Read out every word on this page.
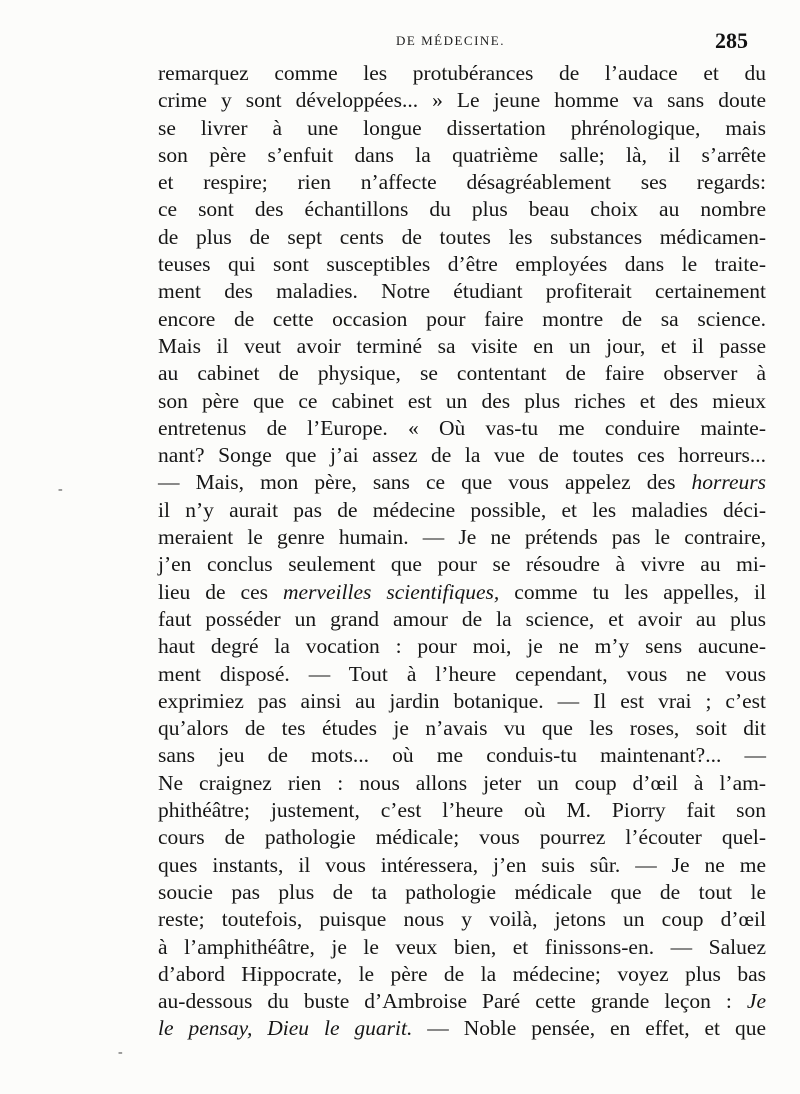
DE MÉDECINE.	285
-
-
remarquez comme les protubérances de l’audace et du
crime y sont développées... » Le jeune homme va sans doute
se livrer à une longue dissertation phrénologique, mais
son père s’enfuit dans la quatrième salle; là, il s’arrête
et respire; rien n’affecte désagréablement ses regards:
ce sont des échantillons du plus beau choix au nombre
de plus de sept cents de toutes les substances médicamen-
teuses qui sont susceptibles d’être employées dans le traite-
ment des maladies. Notre étudiant profiterait certainement
encore de cette occasion pour faire montre de sa science.
Mais il veut avoir terminé sa visite en un jour, et il passe
au cabinet de physique, se contentant de faire observer à
son père que ce cabinet est un des plus riches et des mieux
entretenus de l’Europe. « Où vas-tu me conduire mainte-
nant? Songe que j’ai assez de la vue de toutes ces horreurs...
— Mais, mon père, sans ce que vous appelez des horreurs
il n’y aurait pas de médecine possible, et les maladies déci-
meraient le genre humain. — Je ne prétends pas le contraire,
j’en conclus seulement que pour se résoudre à vivre au mi-
lieu de ces merveilles scientifiques, comme tu les appelles, il
faut posséder un grand amour de la science, et avoir au plus
haut degré la vocation : pour moi, je ne m’y sens aucune-
ment disposé. — Tout à l’heure cependant, vous ne vous
exprimiez pas ainsi au jardin botanique. — Il est vrai ; c’est
qu’alors de tes études je n’avais vu que les roses, soit dit
sans jeu de mots... où me conduis-tu maintenant?... —
Ne craignez rien : nous allons jeter un coup d’œil à l’am-
phithéâtre; justement, c’est l’heure où M. Piorry fait son
cours de pathologie médicale; vous pourrez l’écouter quel-
ques instants, il vous intéressera, j’en suis sûr. — Je ne me
soucie pas plus de ta pathologie médicale que de tout le
reste; toutefois, puisque nous y voilà, jetons un coup d’œil
à l’amphithéâtre, je le veux bien, et finissons-en. — Saluez
d’abord Hippocrate, le père de la médecine; voyez plus bas
au-dessous du buste d’Ambroise Paré cette grande leçon : Je
le pensay, Dieu le guarit. — Noble pensée, en effet, et que
